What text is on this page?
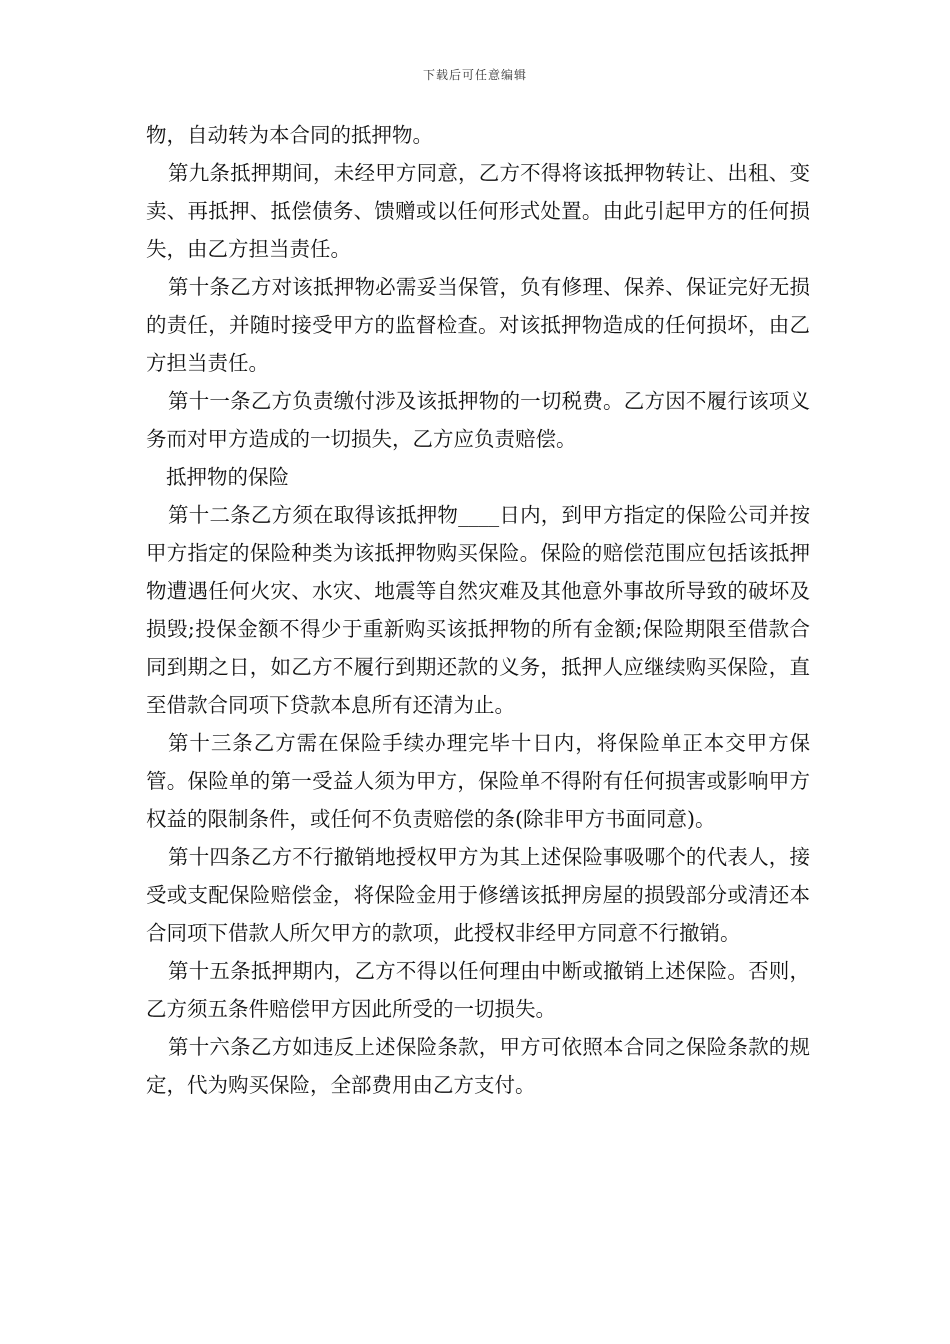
下载后可任意编辑

物，自动转为本合同的抵押物。

第九条抵押期间，未经甲方同意，乙方不得将该抵押物转让、出租、变卖、再抵押、抵偿债务、馈赠或以任何形式处置。由此引起甲方的任何损失，由乙方担当责任。

第十条乙方对该抵押物必需妥当保管，负有修理、保养、保证完好无损的责任，并随时接受甲方的监督检查。对该抵押物造成的任何损坏，由乙方担当责任。

第十一条乙方负责缴付涉及该抵押物的一切税费。乙方因不履行该项义务而对甲方造成的一切损失，乙方应负责赔偿。

抵押物的保险

第十二条乙方须在取得该抵押物____日内，到甲方指定的保险公司并按甲方指定的保险种类为该抵押物购买保险。保险的赔偿范围应包括该抵押物遭遇任何火灾、水灾、地震等自然灾难及其他意外事故所导致的破坏及损毁;投保金额不得少于重新购买该抵押物的所有金额;保险期限至借款合同到期之日，如乙方不履行到期还款的义务，抵押人应继续购买保险，直至借款合同项下贷款本息所有还清为止。

第十三条乙方需在保险手续办理完毕十日内，将保险单正本交甲方保管。保险单的第一受益人须为甲方，保险单不得附有任何损害或影响甲方权益的限制条件，或任何不负责赔偿的条(除非甲方书面同意)。

第十四条乙方不行撤销地授权甲方为其上述保险事吸哪个的代表人，接受或支配保险赔偿金，将保险金用于修缮该抵押房屋的损毁部分或清还本合同项下借款人所欠甲方的款项，此授权非经甲方同意不行撤销。

第十五条抵押期内，乙方不得以任何理由中断或撤销上述保险。否则，乙方须五条件赔偿甲方因此所受的一切损失。

第十六条乙方如违反上述保险条款，甲方可依照本合同之保险条款的规定，代为购买保险，全部费用由乙方支付。
